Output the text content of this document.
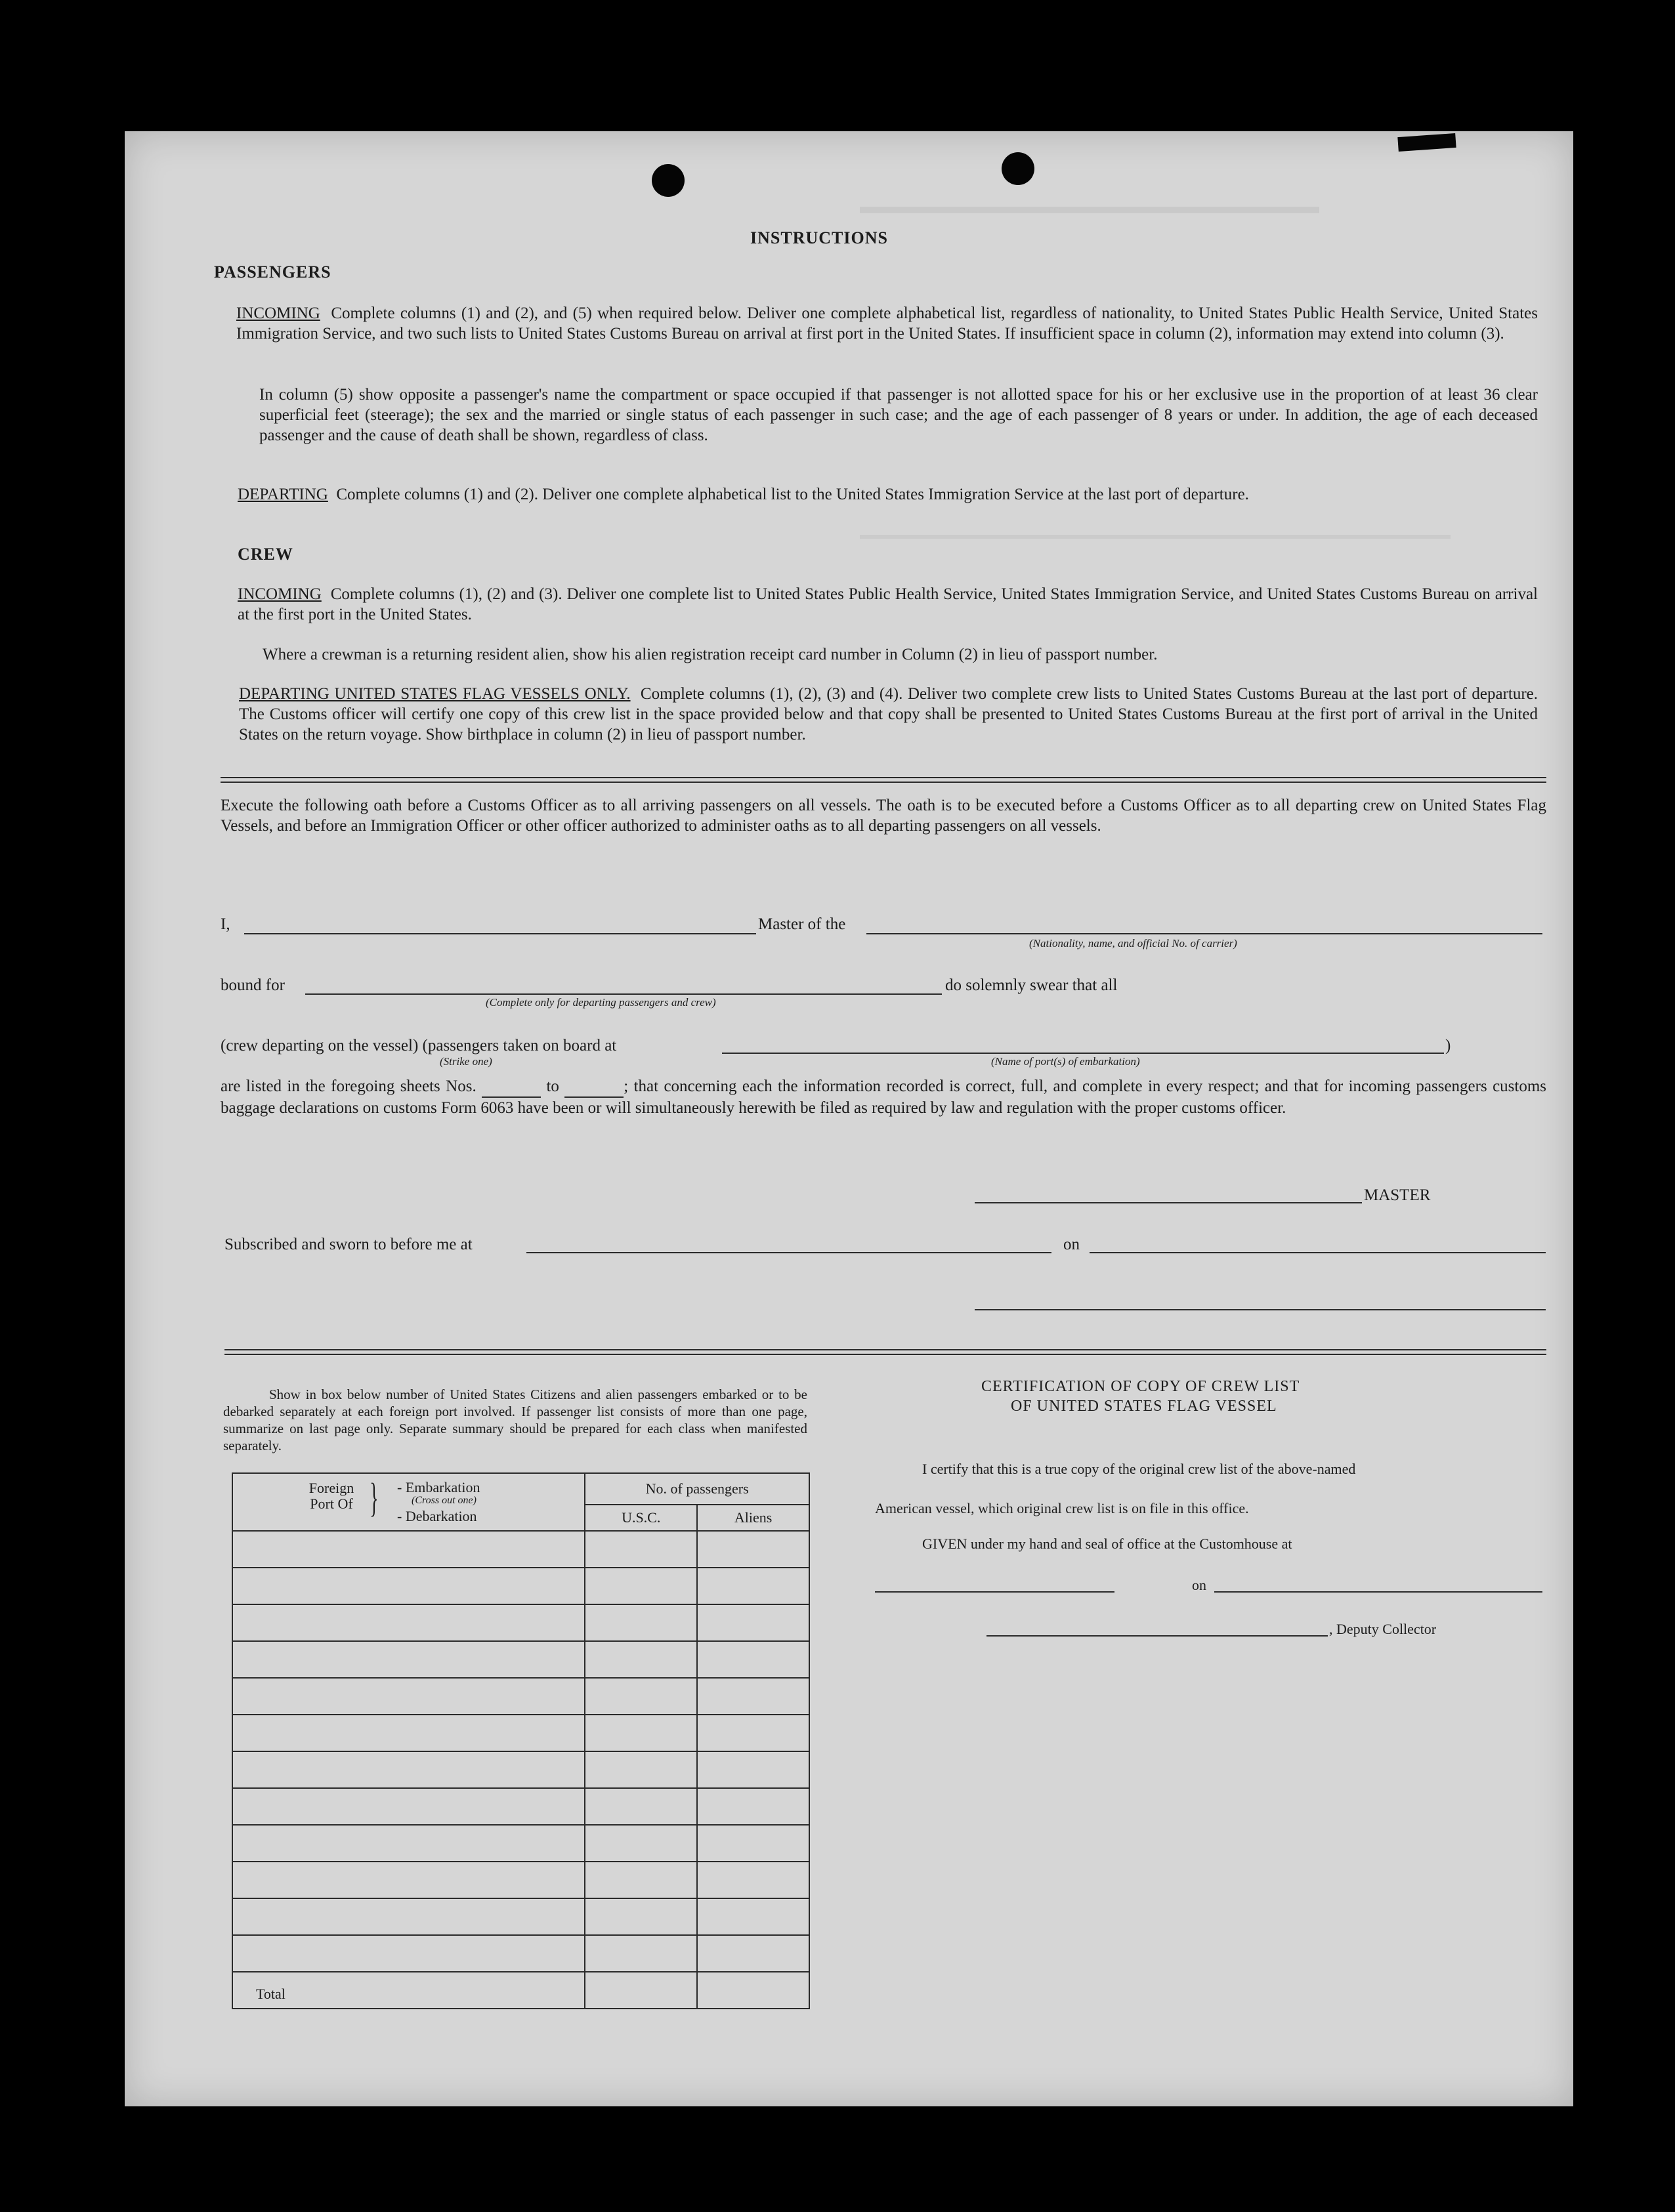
INSTRUCTIONS
PASSENGERS
INCOMING Complete columns (1) and (2), and (5) when required below. Deliver one complete alphabetical list, regardless of nationality, to United States Public Health Service, United States Immigration Service, and two such lists to United States Customs Bureau on arrival at first port in the United States. If insufficient space in column (2), information may extend into column (3).
In column (5) show opposite a passenger's name the compartment or space occupied if that passenger is not allotted space for his or her exclusive use in the proportion of at least 36 clear superficial feet (steerage); the sex and the married or single status of each passenger in such case; and the age of each passenger of 8 years or under. In addition, the age of each deceased passenger and the cause of death shall be shown, regardless of class.
DEPARTING Complete columns (1) and (2). Deliver one complete alphabetical list to the United States Immigration Service at the last port of departure.
CREW
INCOMING Complete columns (1), (2) and (3). Deliver one complete list to United States Public Health Service, United States Immigration Service, and United States Customs Bureau on arrival at the first port in the United States.
Where a crewman is a returning resident alien, show his alien registration receipt card number in Column (2) in lieu of passport number.
DEPARTING UNITED STATES FLAG VESSELS ONLY. Complete columns (1), (2), (3) and (4). Deliver two complete crew lists to United States Customs Bureau at the last port of departure. The Customs officer will certify one copy of this crew list in the space provided below and that copy shall be presented to United States Customs Bureau at the first port of arrival in the United States on the return voyage. Show birthplace in column (2) in lieu of passport number.
Execute the following oath before a Customs Officer as to all arriving passengers on all vessels. The oath is to be executed before a Customs Officer as to all departing crew on United States Flag Vessels, and before an Immigration Officer or other officer authorized to administer oaths as to all departing passengers on all vessels.
I,	Master of the
(Nationality, name, and official No. of carrier)
bound for
(Complete only for departing passengers and crew)
do solemnly swear that all
(crew departing on the vessel) (passengers taken on board at
(Strike one)	(Name of port(s) of embarkation)
)
are listed in the foregoing sheets Nos.	to	; that concerning each the information recorded is correct, full, and complete in every respect; and that for incoming passengers customs baggage declarations on customs Form 6063 have been or will simultaneously herewith be filed as required by law and regulation with the proper customs officer.
MASTER
Subscribed and sworn to before me at	on
Show in box below number of United States Citizens and alien passengers embarked or to be debarked separately at each foreign port involved. If passenger list consists of more than one page, summarize on last page only. Separate summary should be prepared for each class when manifested separately.
Foreign Port Of } - Embarkation
(Cross out one)
- Debarkation	No. of passengers	
	U.S.C.	Aliens

Total		
CERTIFICATION OF COPY OF CREW LIST
OF UNITED STATES FLAG VESSEL
I certify that this is a true copy of the original crew list of the above-named
American vessel, which original crew list is on file in this office.
GIVEN under my hand and seal of office at the Customhouse at
on
, Deputy Collector
